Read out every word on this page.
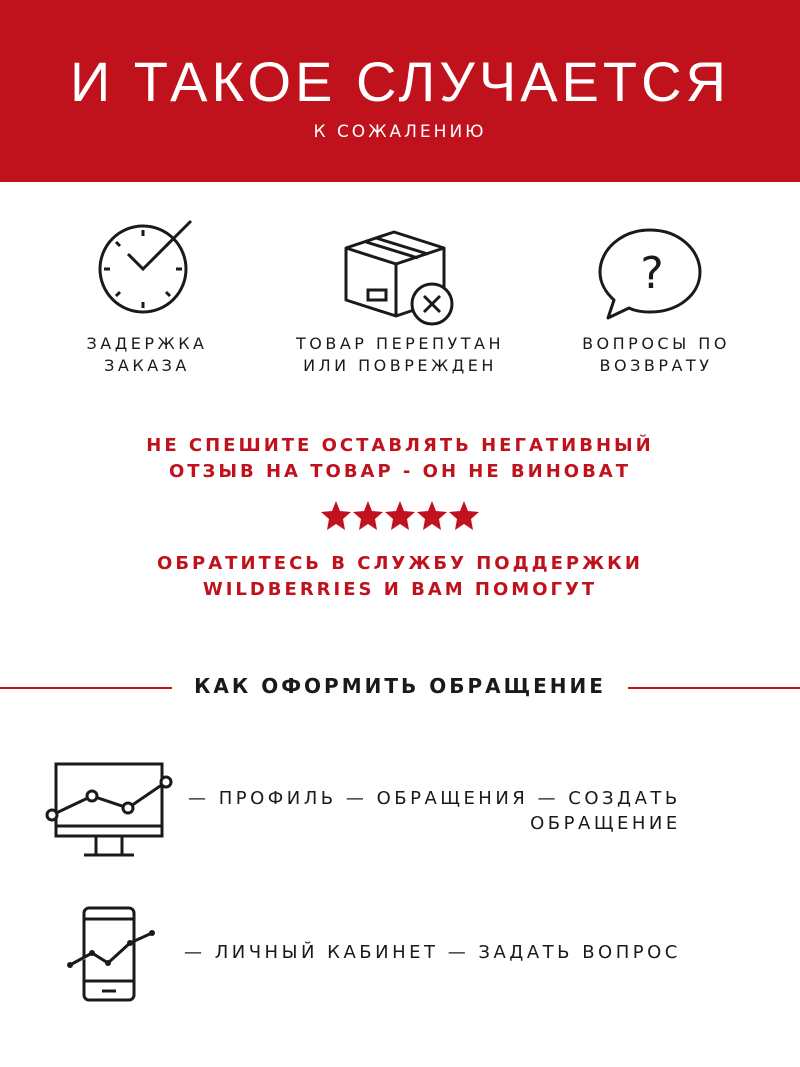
И ТАКОЕ СЛУЧАЕТСЯ
К СОЖАЛЕНИЮ
?
ЗАДЕРЖКА
ЗАКАЗА
ТОВАР ПЕРЕПУТАН
ИЛИ ПОВРЕЖДЕН
ВОПРОСЫ ПО
ВОЗВРАТУ
НЕ СПЕШИТЕ ОСТАВЛЯТЬ НЕГАТИВНЫЙ
ОТЗЫВ НА ТОВАР - ОН НЕ ВИНОВАТ
ОБРАТИТЕСЬ В СЛУЖБУ ПОДДЕРЖКИ
WILDBERRIES И ВАМ ПОМОГУТ
КАК ОФОРМИТЬ ОБРАЩЕНИЕ
— ПРОФИЛЬ — ОБРАЩЕНИЯ — СОЗДАТЬ
ОБРАЩЕНИЕ
— ЛИЧНЫЙ КАБИНЕТ — ЗАДАТЬ ВОПРОС
